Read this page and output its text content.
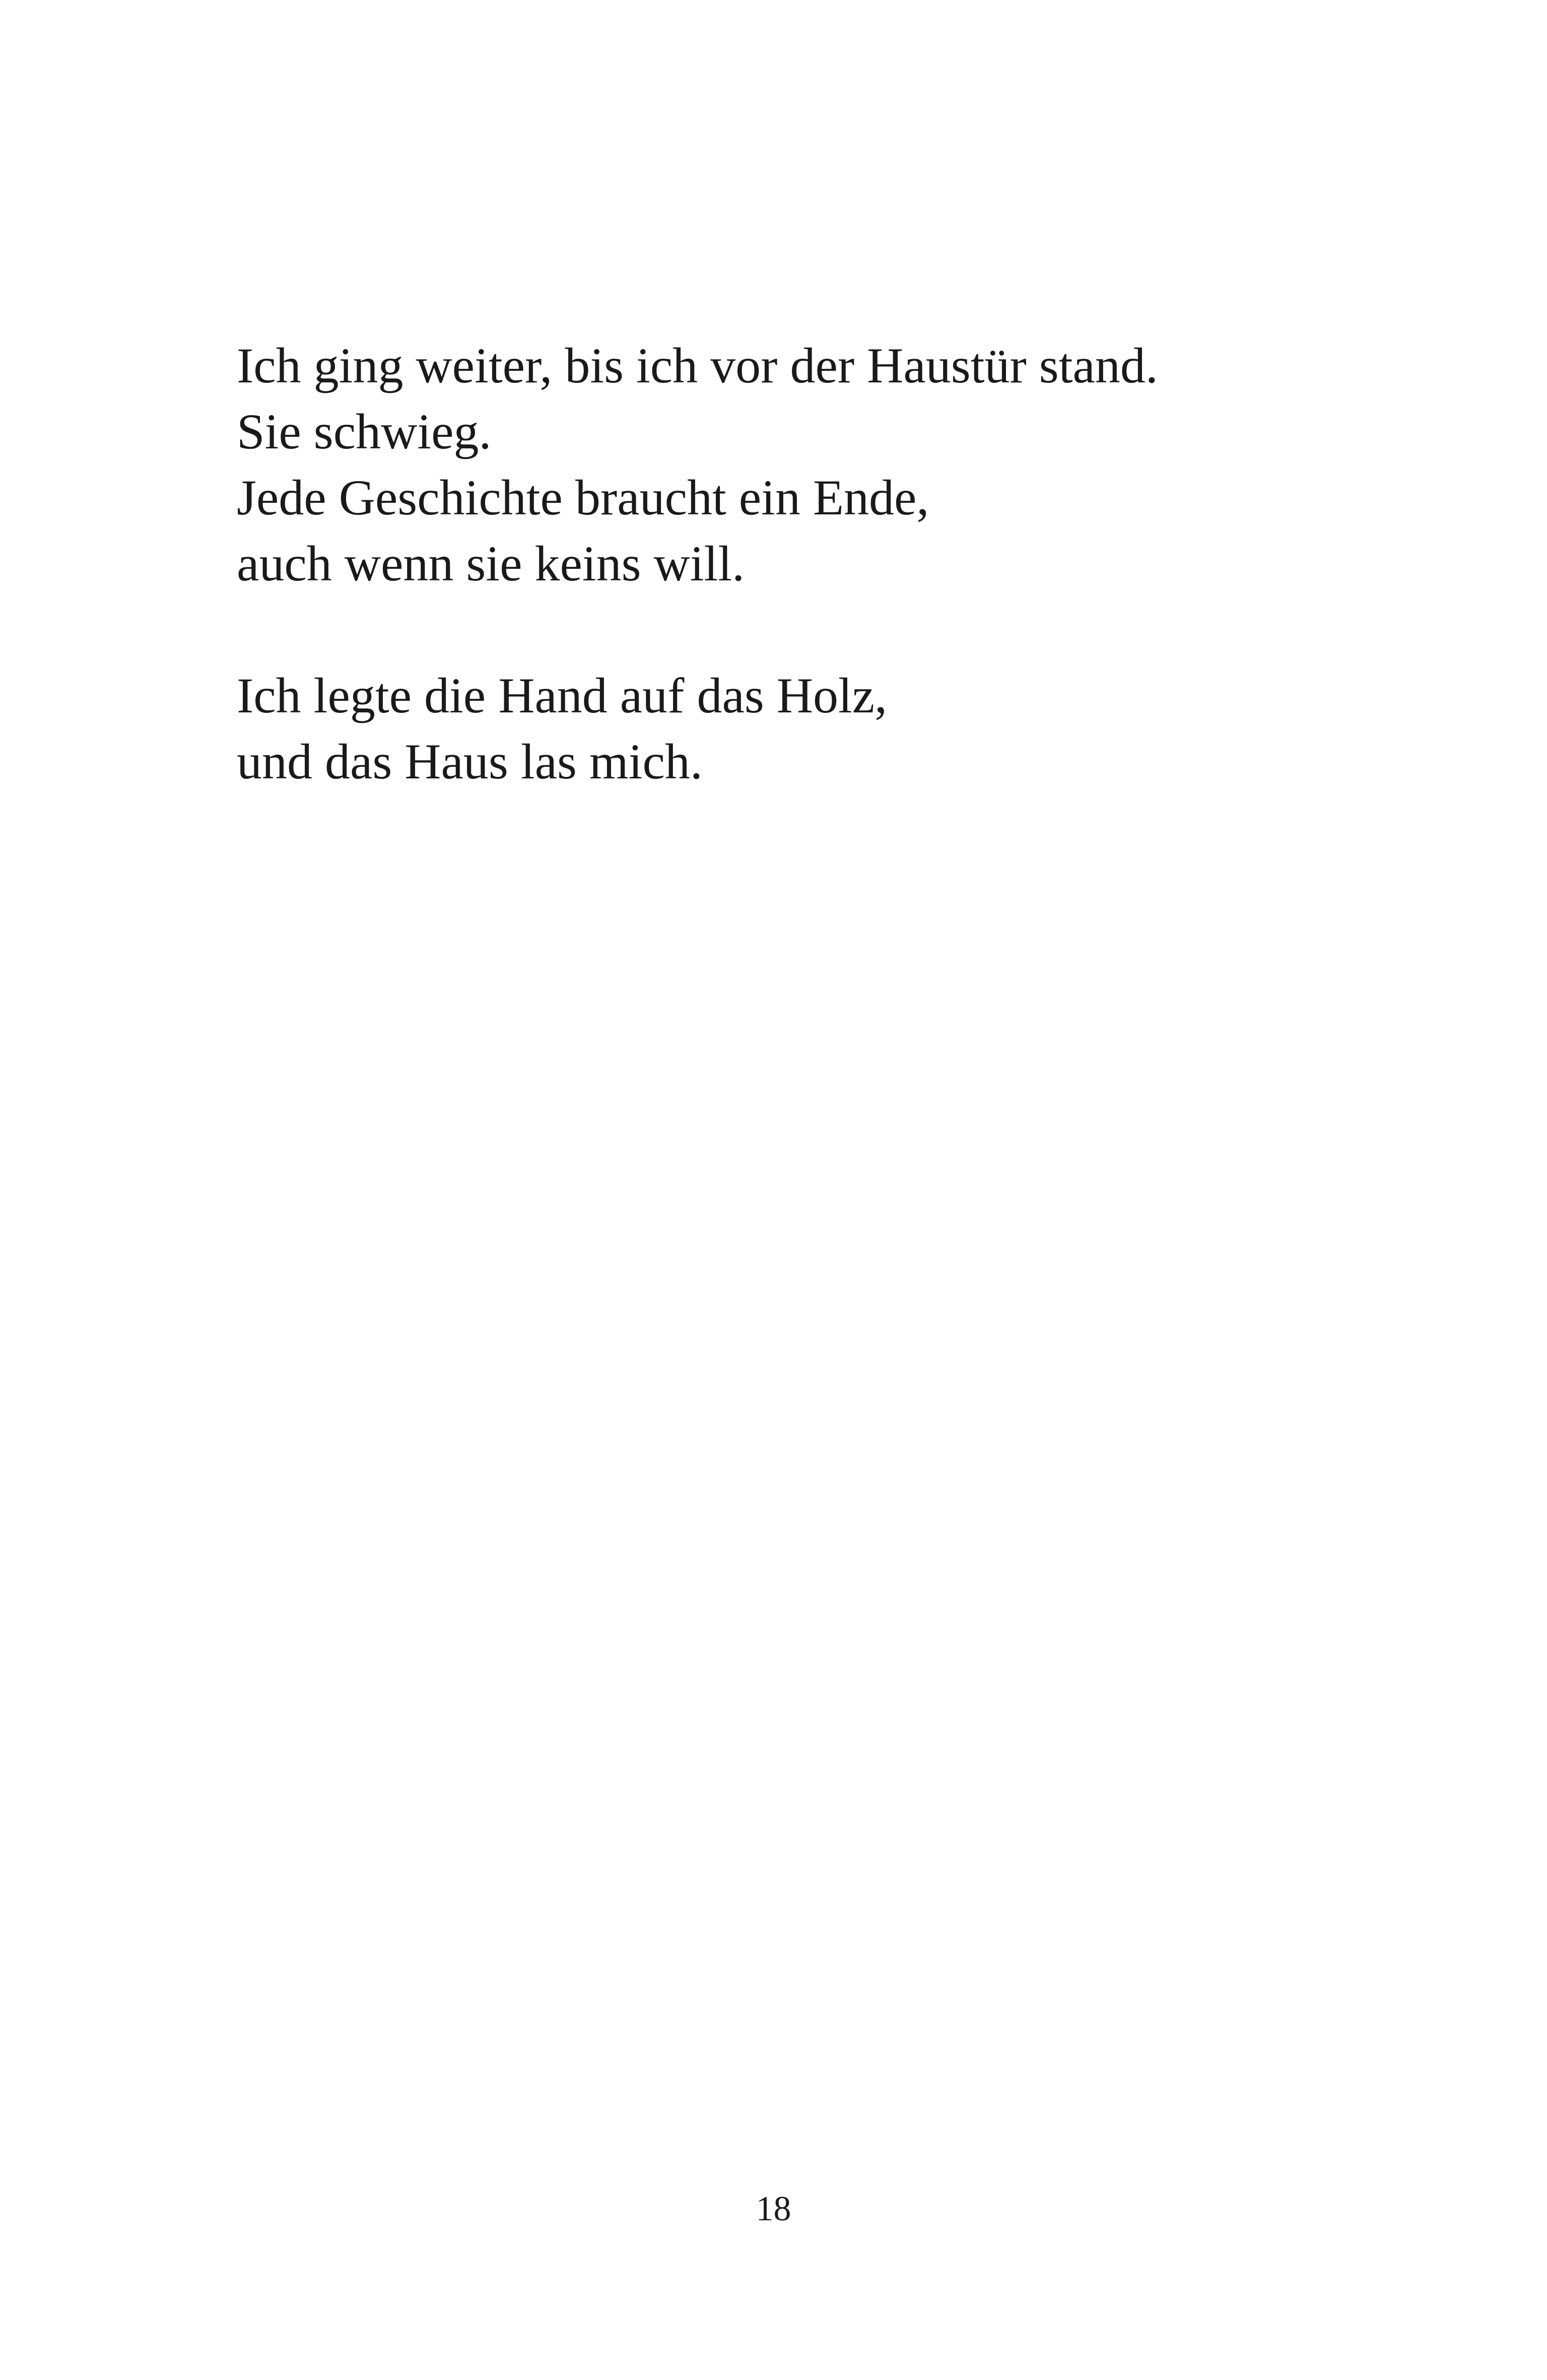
Ich ging weiter, bis ich vor der Haustür stand.
Sie schwieg.
Jede Geschichte braucht ein Ende,
auch wenn sie keins will.

Ich legte die Hand auf das Holz,
und das Haus las mich.

18
